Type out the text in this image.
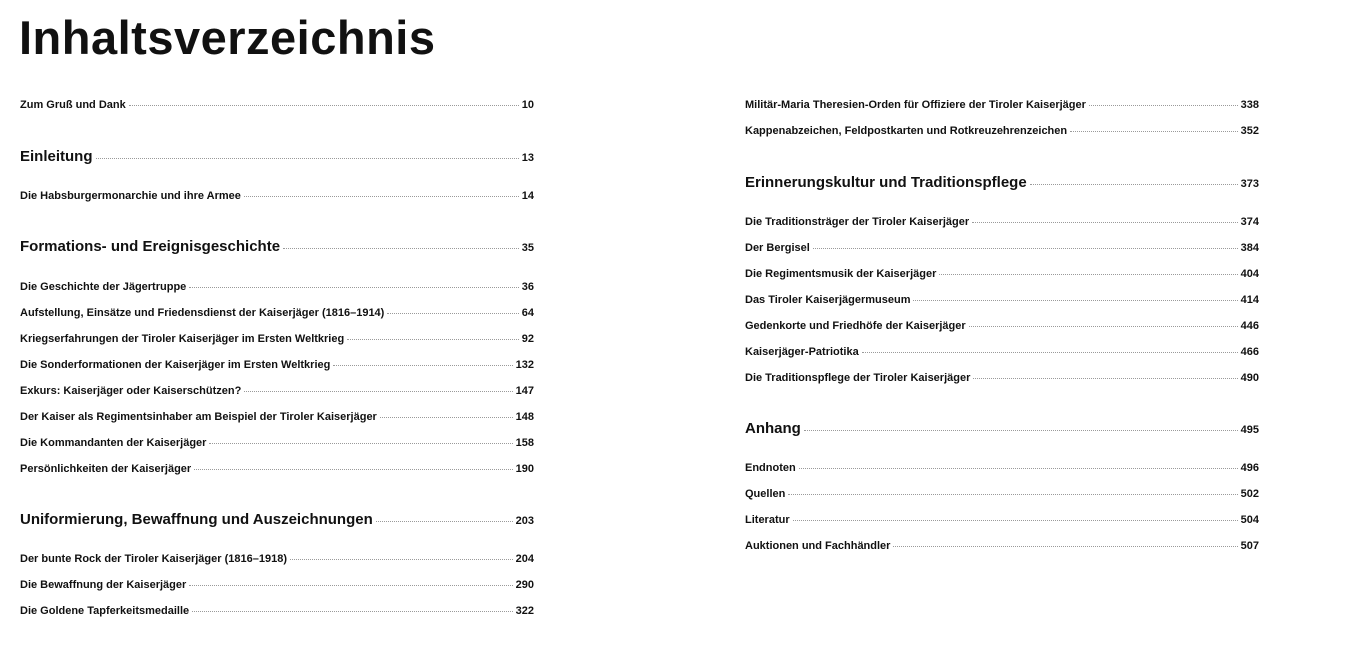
Inhaltsverzeichnis
Zum Gruß und Dank	10
Einleitung	13
Die Habsburgermonarchie und ihre Armee	14
Formations- und Ereignisgeschichte	35
Die Geschichte der Jägertruppe	36
Aufstellung, Einsätze und Friedensdienst der Kaiserjäger (1816–1914)	64
Kriegserfahrungen der Tiroler Kaiserjäger im Ersten Weltkrieg	92
Die Sonderformationen der Kaiserjäger im Ersten Weltkrieg	132
Exkurs: Kaiserjäger oder Kaiserschützen?	147
Der Kaiser als Regimentsinhaber am Beispiel der Tiroler Kaiserjäger	148
Die Kommandanten der Kaiserjäger	158
Persönlichkeiten der Kaiserjäger	190
Uniformierung, Bewaffnung und Auszeichnungen	203
Der bunte Rock der Tiroler Kaiserjäger (1816–1918)	204
Die Bewaffnung der Kaiserjäger	290
Die Goldene Tapferkeitsmedaille	322
Militär-Maria Theresien-Orden für Offiziere der Tiroler Kaiserjäger	338
Kappenabzeichen, Feldpostkarten und Rotkreuzehrenzeichen	352
Erinnerungskultur und Traditionspflege	373
Die Traditionsträger der Tiroler Kaiserjäger	374
Der Bergisel	384
Die Regimentsmusik der Kaiserjäger	404
Das Tiroler Kaiserjägermuseum	414
Gedenkorte und Friedhöfe der Kaiserjäger	446
Kaiserjäger-Patriotika	466
Die Traditionspflege der Tiroler Kaiserjäger	490
Anhang	495
Endnoten	496
Quellen	502
Literatur	504
Auktionen und Fachhändler	507
